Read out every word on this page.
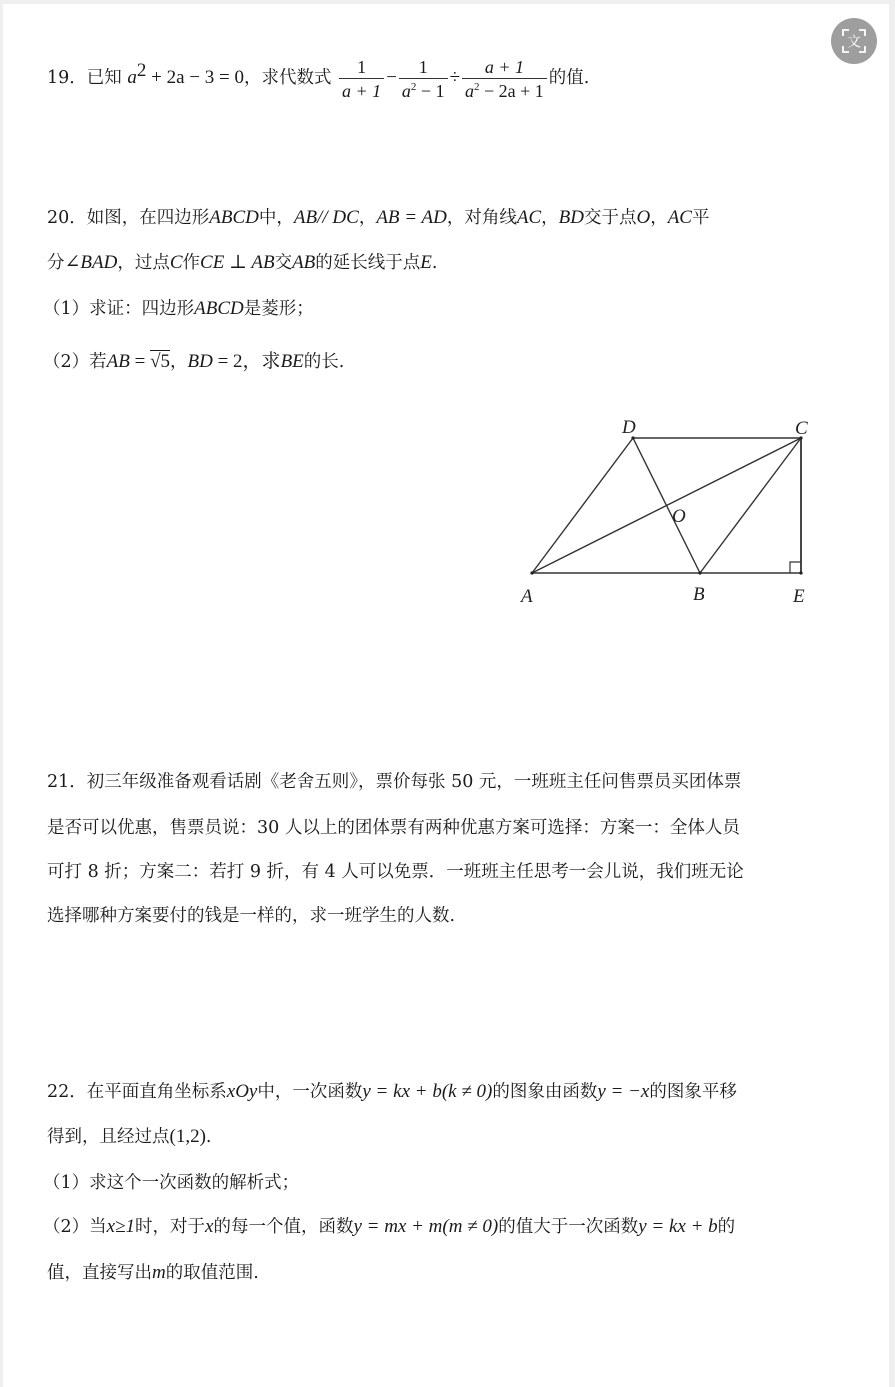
文
19．已知 $a^2 + 2a - 3 = 0$，求代数式 $\frac{1}{a + 1} - \frac{1}{a^2 - 1} \div \frac{a + 1}{a^2 - 2a + 1}$ 的值.
20．如图，在四边形ABCD中，AB// DC，AB = AD，对角线AC，BD交于点O，AC平
分∠BAD，过点C作CE ⊥ AB交AB的延长线于点E.
（1）求证：四边形ABCD是菱形；
（2）若AB = √5，BD = 2，求BE的长.
A	B	E
D	C
O
21．初三年级准备观看话剧《老舍五则》，票价每张 50 元，一班班主任问售票员买团体票
是否可以优惠，售票员说：30 人以上的团体票有两种优惠方案可选择：方案一：全体人员
可打 8 折；方案二：若打 9 折，有 4 人可以免票．一班班主任思考一会儿说，我们班无论
选择哪种方案要付的钱是一样的，求一班学生的人数.
22．在平面直角坐标系xOy中，一次函数y = kx + b(k ≠ 0)的图象由函数y = −x的图象平移
得到，且经过点(1,2).
（1）求这个一次函数的解析式；
（2）当x≥1时，对于x的每一个值，函数y = mx + m(m ≠ 0)的值大于一次函数y = kx + b的
值，直接写出m的取值范围.
